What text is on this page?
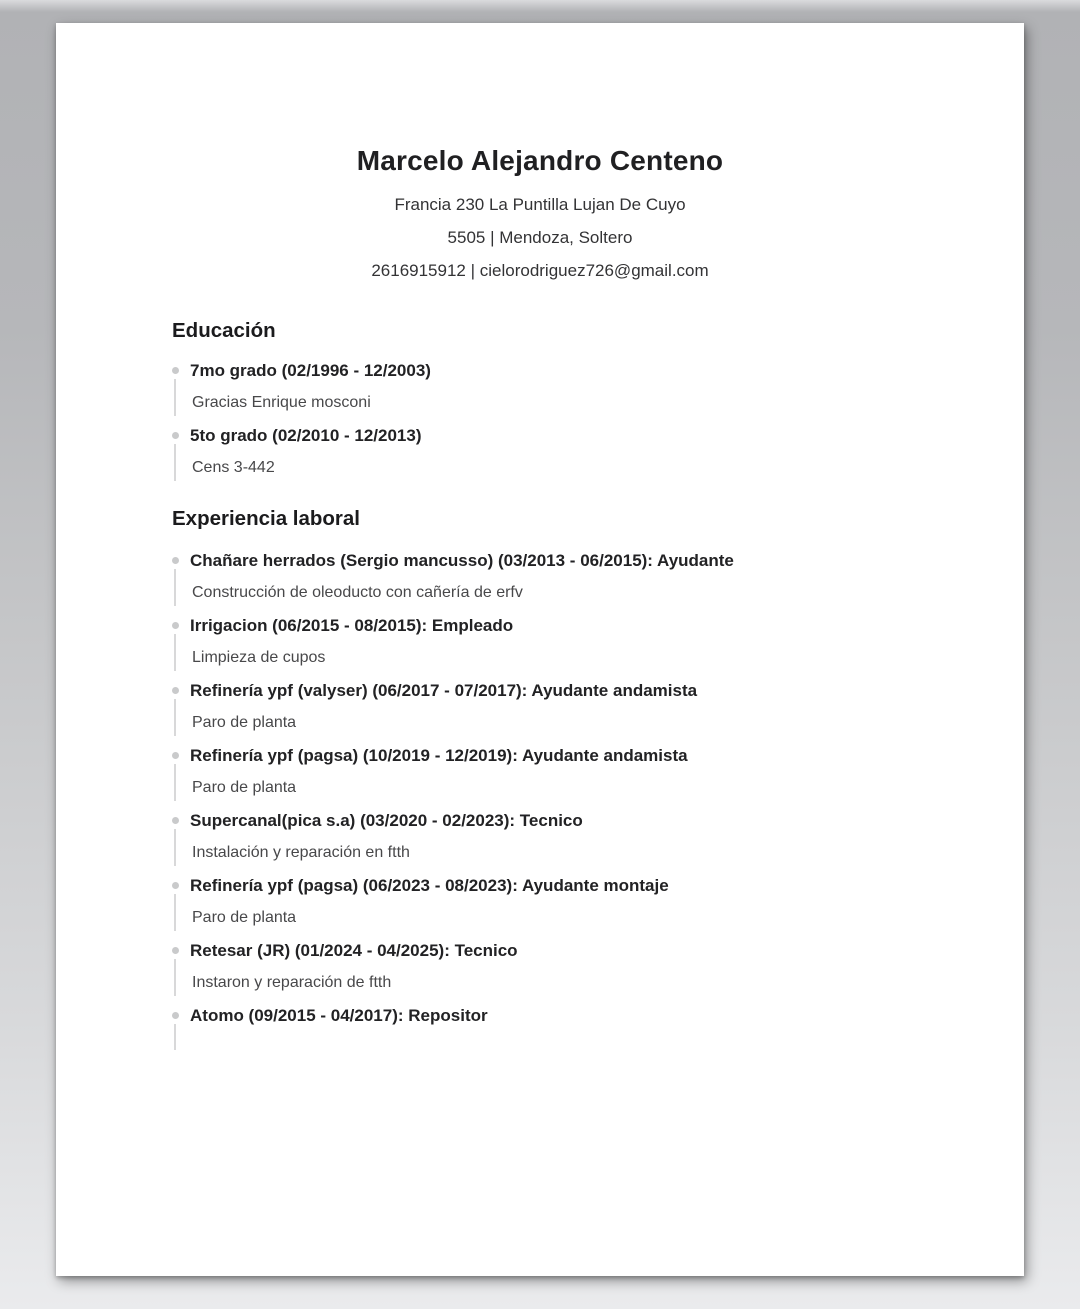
Marcelo Alejandro Centeno

Francia 230 La Puntilla Lujan De Cuyo

5505 | Mendoza, Soltero

2616915912 | cielorodriguez726@gmail.com

Educación
7mo grado (02/1996 - 12/2003)
Gracias Enrique mosconi
5to grado (02/2010 - 12/2013)
Cens 3-442
Experiencia laboral
Chañare herrados (Sergio mancusso) (03/2013 - 06/2015): Ayudante
Construcción de oleoducto con cañería de erfv
Irrigacion (06/2015 - 08/2015): Empleado
Limpieza de cupos
Refinería ypf (valyser) (06/2017 - 07/2017): Ayudante andamista
Paro de planta
Refinería ypf (pagsa) (10/2019 - 12/2019): Ayudante andamista
Paro de planta
Supercanal(pica s.a) (03/2020 - 02/2023): Tecnico
Instalación y reparación en ftth
Refinería ypf (pagsa) (06/2023 - 08/2023): Ayudante montaje
Paro de planta
Retesar (JR) (01/2024 - 04/2025): Tecnico
Instaron y reparación de ftth
Atomo (09/2015 - 04/2017): Repositor
